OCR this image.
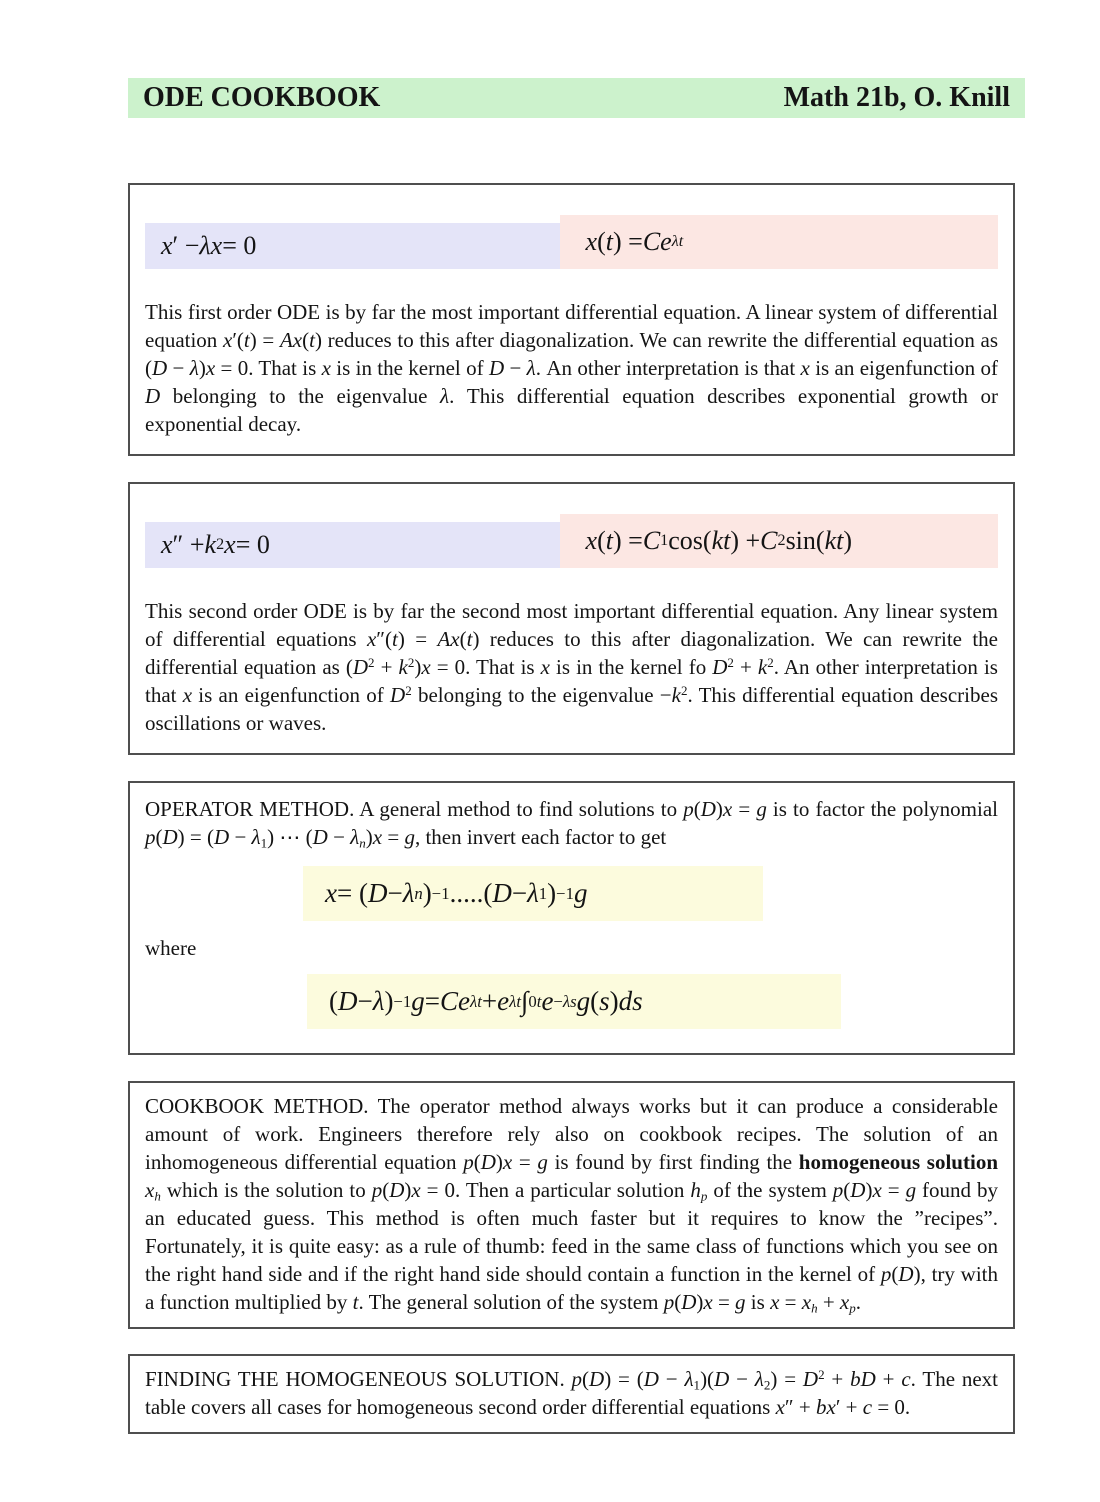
ODE COOKBOOK	Math 21b, O. Knill
x ′ − λx = 0	x ( t ) = Ce λt

This first order ODE is by far the most important differential equation. A linear system of differential equation x′(t) = Ax(t) reduces to this after diagonalization. We can rewrite the differential equation as (D − λ)x = 0. That is x is in the kernel of D − λ. An other interpretation is that x is an eigenfunction of D belonging to the eigenvalue λ. This differential equation describes exponential growth or exponential decay.

x ″ + k 2 x = 0	x ( t ) = C 1 cos( kt ) + C 2 sin( kt )

This second order ODE is by far the second most important differential equation. Any linear system of differential equations x″(t) = Ax(t) reduces to this after diagonalization. We can rewrite the differential equation as $(D^2 + k^2)x = 0$. That is x is in the kernel fo $D^2 + k^2$. An other interpretation is that x is an eigenfunction of $D^2$ belonging to the eigenvalue $-k^2$. This differential equation describes oscillations or waves.

OPERATOR METHOD. A general method to find solutions to p(D)x = g is to factor the polynomial $p(D) = (D - \lambda_1)$ ⋯ $(D - \lambda_n)x = g$, then invert each factor to get

x = ( D − λ n ) −1 .....( D − λ 1 ) −1 g

where

( D − λ ) −1 g = Ce λt + e λt ∫ 0 t e −λs g ( s ) ds

COOKBOOK METHOD. The operator method always works but it can produce a considerable amount of work. Engineers therefore rely also on cookbook recipes. The solution of an inhomogeneous differential equation p(D)x = g is found by first finding the homogeneous solution $x_h$ which is the solution to p(D)x = 0. Then a particular solution $h_p$ of the system p(D)x = g found by an educated guess. This method is often much faster but it requires to know the ”recipes”. Fortunately, it is quite easy: as a rule of thumb: feed in the same class of functions which you see on the right hand side and if the right hand side should contain a function in the kernel of p(D), try with a function multiplied by t. The general solution of the system p(D)x = g is $x = x_h + x_p$.

FINDING THE HOMOGENEOUS SOLUTION. $p(D) = (D - \lambda_1)(D - \lambda_2) = D^2$ + bD + c. The next table covers all cases for homogeneous second order differential equations x″ + bx′ + c = 0.
